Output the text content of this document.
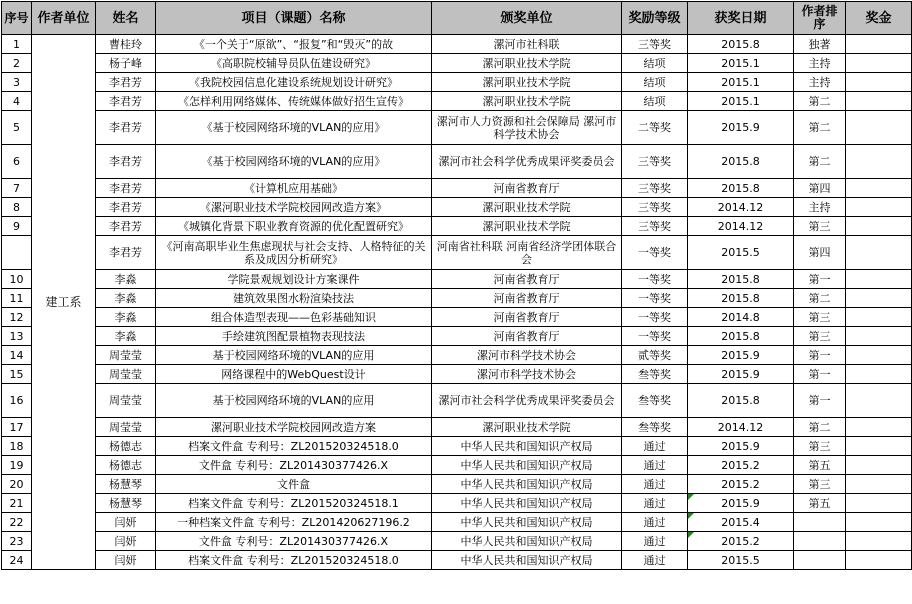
序号	作者单位	姓名	项目（课题）名称	颁奖单位	奖励等级	获奖日期	作者排序	奖金
1	建工系	曹桂玲	《一个关于“原欲”、“报复”和“毁灭”的故	漯河市社科联	三等奖	2015.8	独著	
2		杨子峰	《高职院校辅导员队伍建设研究》	漯河职业技术学院	结项	2015.1	主持	
3		李君芳	《我院校园信息化建设系统规划设计研究》	漯河职业技术学院	结项	2015.1	主持	
4		李君芳	《怎样利用网络媒体、传统媒体做好招生宣传》	漯河职业技术学院	结项	2015.1	第二	
5		李君芳	《基于校园网络环境的VLAN的应用》	漯河市人力资源和社会保障局 漯河市科学技术协会	二等奖	2015.9	第二	
6		李君芳	《基于校园网络环境的VLAN的应用》	漯河市社会科学优秀成果评奖委员会	三等奖	2015.8	第二	
7		李君芳	《计算机应用基础》	河南省教育厅	三等奖	2015.8	第四	
8		李君芳	《漯河职业技术学院校园网改造方案》	漯河职业技术学院	三等奖	2014.12	主持	
9		李君芳	《城镇化背景下职业教育资源的优化配置研究》	漯河职业技术学院	三等奖	2014.12	第三	
		李君芳	《河南高职毕业生焦虑现状与社会支持、人格特征的关系及成因分析研究》	河南省社科联 河南省经济学团体联合会	一等奖	2015.5	第四	
10		李淼	学院景观规划设计方案课件	河南省教育厅	一等奖	2015.8	第一	
11		李淼	建筑效果图水粉渲染技法	河南省教育厅	一等奖	2015.8	第二	
12		李淼	组合体造型表现——色彩基础知识	河南省教育厅	一等奖	2014.8	第三	
13		李淼	手绘建筑图配景植物表现技法	河南省教育厅	一等奖	2015.8	第三	
14		周莹莹	基于校园网络环境的VLAN的应用	漯河市科学技术协会	贰等奖	2015.9	第一	
15		周莹莹	网络课程中的WebQuest设计	漯河市科学技术协会	叁等奖	2015.9	第一	
16		周莹莹	基于校园网络环境的VLAN的应用	漯河市社会科学优秀成果评奖委员会	叁等奖	2015.8	第一	
17		周莹莹	漯河职业技术学院校园网改造方案	漯河职业技术学院	叁等奖	2014.12	第二	
18		杨德志	档案文件盒 专利号：ZL201520324518.0	中华人民共和国知识产权局	通过	2015.9	第三	
19		杨德志	文件盒 专利号：ZL201430377426.X	中华人民共和国知识产权局	通过	2015.2	第五	
20		杨慧琴	文件盒	中华人民共和国知识产权局	通过	2015.2	第三	
21		杨慧琴	档案文件盒 专利号：ZL201520324518.1	中华人民共和国知识产权局	通过	2015.9	第五	
22		闫妍	一种档案文件盒 专利号：ZL201420627196.2	中华人民共和国知识产权局	通过	2015.4		
23		闫妍	文件盒 专利号：ZL201430377426.X	中华人民共和国知识产权局	通过	2015.2		
24		闫妍	档案文件盒 专利号：ZL201520324518.0	中华人民共和国知识产权局	通过	2015.5		
